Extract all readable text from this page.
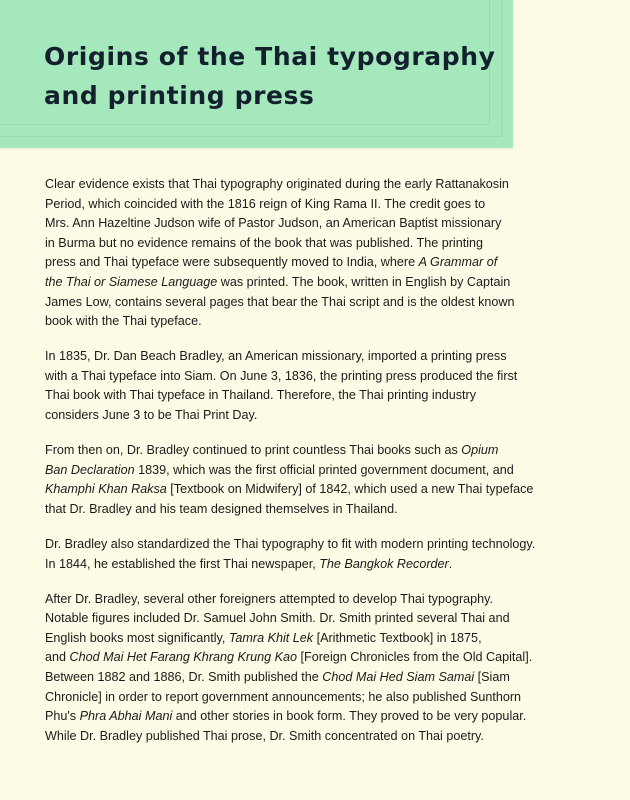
Origins of the Thai typography
and printing press

Clear evidence exists that Thai typography originated during the early Rattanakosin
Period, which coincided with the 1816 reign of King Rama II. The credit goes to
Mrs. Ann Hazeltine Judson wife of Pastor Judson, an American Baptist missionary
in Burma but no evidence remains of the book that was published. The printing
press and Thai typeface were subsequently moved to India, where A Grammar of
the Thai or Siamese Language was printed. The book, written in English by Captain
James Low, contains several pages that bear the Thai script and is the oldest known
book with the Thai typeface.

In 1835, Dr. Dan Beach Bradley, an American missionary, imported a printing press
with a Thai typeface into Siam. On June 3, 1836, the printing press produced the first
Thai book with Thai typeface in Thailand. Therefore, the Thai printing industry
considers June 3 to be Thai Print Day.

From then on, Dr. Bradley continued to print countless Thai books such as Opium
Ban Declaration 1839, which was the first official printed government document, and
Khamphi Khan Raksa [Textbook on Midwifery] of 1842, which used a new Thai typeface
that Dr. Bradley and his team designed themselves in Thailand.

Dr. Bradley also standardized the Thai typography to fit with modern printing technology.
In 1844, he established the first Thai newspaper, The Bangkok Recorder.

After Dr. Bradley, several other foreigners attempted to develop Thai typography.
Notable figures included Dr. Samuel John Smith. Dr. Smith printed several Thai and
English books most significantly, Tamra Khit Lek [Arithmetic Textbook] in 1875,
and Chod Mai Het Farang Khrang Krung Kao [Foreign Chronicles from the Old Capital].
Between 1882 and 1886, Dr. Smith published the Chod Mai Hed Siam Samai [Siam
Chronicle] in order to report government announcements; he also published Sunthorn
Phu's Phra Abhai Mani and other stories in book form. They proved to be very popular.
While Dr. Bradley published Thai prose, Dr. Smith concentrated on Thai poetry.
